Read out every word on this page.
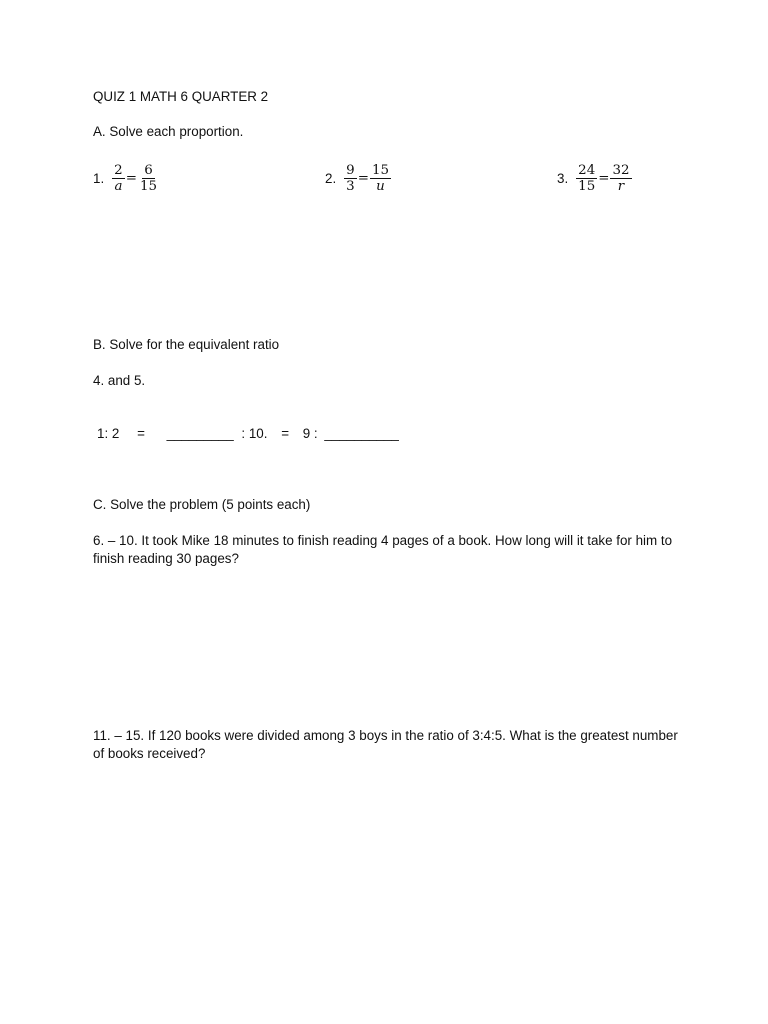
QUIZ 1 MATH 6 QUARTER 2
A. Solve each proportion.
1. $\frac{2}{a} = \frac{6}{15}$	2. $\frac{9}{3} = \frac{15}{u}$	3. $\frac{24}{15} = \frac{32}{r}$
B. Solve for the equivalent ratio
4. and 5.
1: 2 = _________ : 10. = 9 : __________
C. Solve the problem (5 points each)
6. – 10. It took Mike 18 minutes to finish reading 4 pages of a book. How long will it take for him to finish reading 30 pages?
11. – 15. If 120 books were divided among 3 boys in the ratio of 3:4:5. What is the greatest number of books received?
